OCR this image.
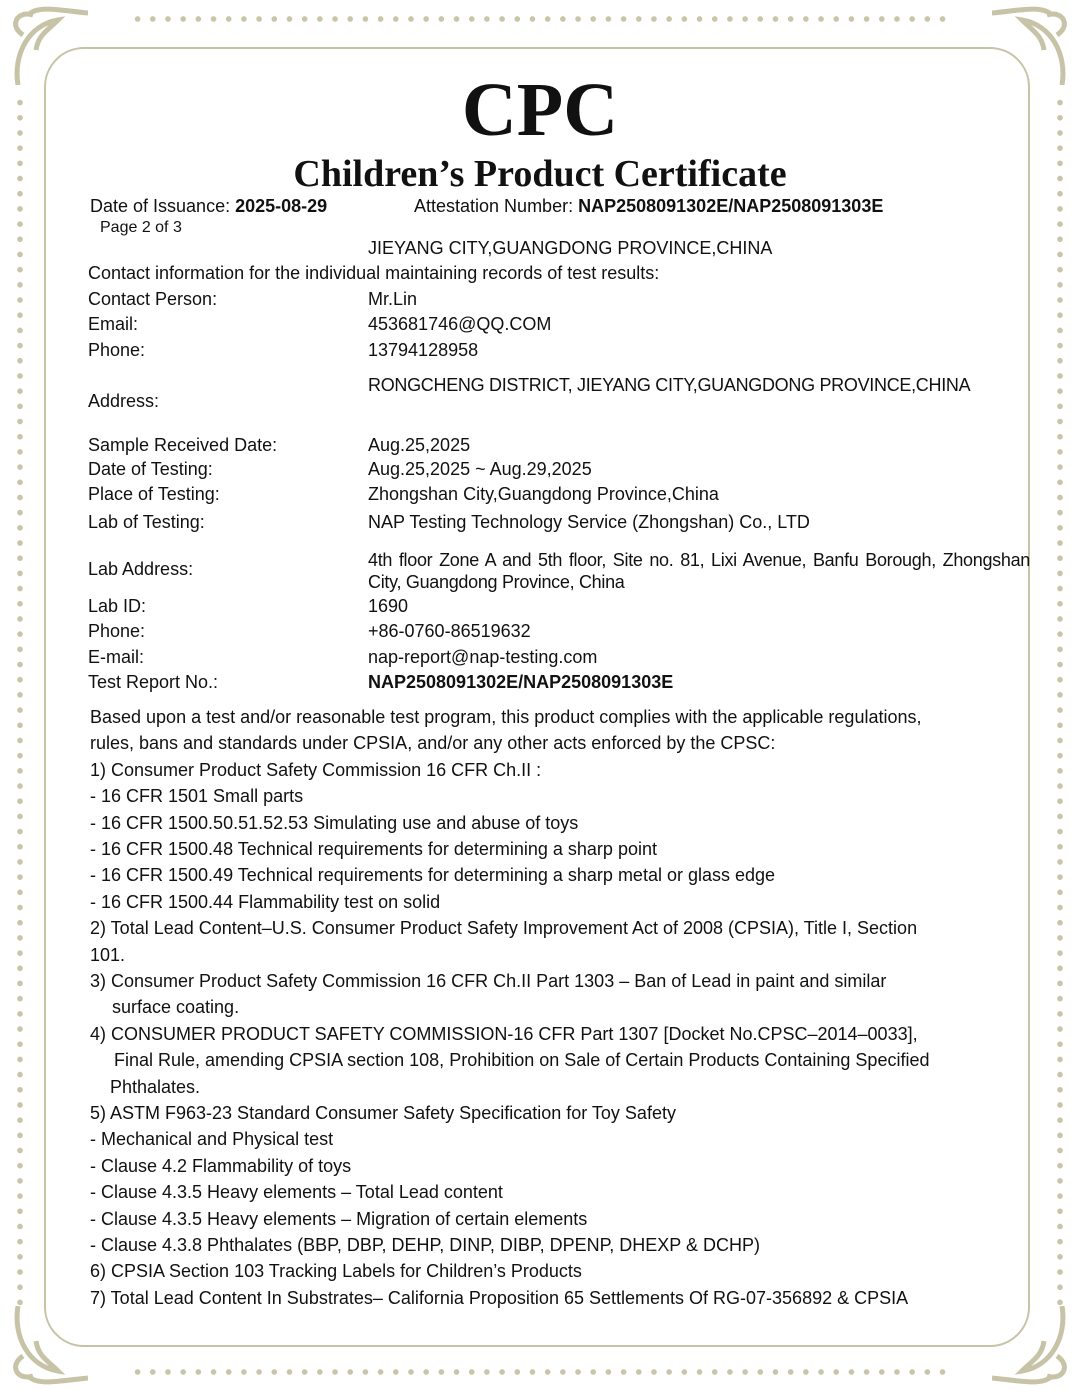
CPC
Children’s Product Certificate
Date of Issuance: 2025-08-29	Attestation Number: NAP2508091302E/NAP2508091303E
Page 2 of 3
JIEYANG CITY,GUANGDONG PROVINCE,CHINA
Contact information for the individual maintaining records of test results:
Contact Person:	Mr.Lin
Email:	453681746@QQ.COM
Phone:	13794128958
Address:
RONGCHENG DISTRICT, JIEYANG CITY,GUANGDONG PROVINCE,CHINA
Sample Received Date:	Aug.25,2025
Date of Testing:	Aug.25,2025 ~ Aug.29,2025
Place of Testing:	Zhongshan City,Guangdong Province,China
Lab of Testing:	NAP Testing Technology Service (Zhongshan) Co., LTD
Lab Address:	4th floor Zone A and 5th floor, Site no. 81, Lixi Avenue, Banfu Borough, Zhongshan City, Guangdong Province, China
Lab ID:	1690
Phone:	+86-0760-86519632
E-mail:	nap-report@nap-testing.com
Test Report No.:	NAP2508091302E/NAP2508091303E
Based upon a test and/or reasonable test program, this product complies with the applicable regulations,
rules, bans and standards under CPSIA, and/or any other acts enforced by the CPSC:
1) Consumer Product Safety Commission 16 CFR Ch.II :
- 16 CFR 1501 Small parts
- 16 CFR 1500.50.51.52.53 Simulating use and abuse of toys
- 16 CFR 1500.48 Technical requirements for determining a sharp point
- 16 CFR 1500.49 Technical requirements for determining a sharp metal or glass edge
- 16 CFR 1500.44 Flammability test on solid
2) Total Lead Content–U.S. Consumer Product Safety Improvement Act of 2008 (CPSIA), Title I, Section
101.
3) Consumer Product Safety Commission 16 CFR Ch.II Part 1303 – Ban of Lead in paint and similar
surface coating.
4) CONSUMER PRODUCT SAFETY COMMISSION-16 CFR Part 1307 [Docket No.CPSC–2014–0033],
Final Rule, amending CPSIA section 108, Prohibition on Sale of Certain Products Containing Specified
Phthalates.
5) ASTM F963-23 Standard Consumer Safety Specification for Toy Safety
- Mechanical and Physical test
- Clause 4.2 Flammability of toys
- Clause 4.3.5 Heavy elements – Total Lead content
- Clause 4.3.5 Heavy elements – Migration of certain elements
- Clause 4.3.8 Phthalates (BBP, DBP, DEHP, DINP, DIBP, DPENP, DHEXP & DCHP)
6) CPSIA Section 103 Tracking Labels for Children’s Products
7) Total Lead Content In Substrates– California Proposition 65 Settlements Of RG-07-356892 & CPSIA
